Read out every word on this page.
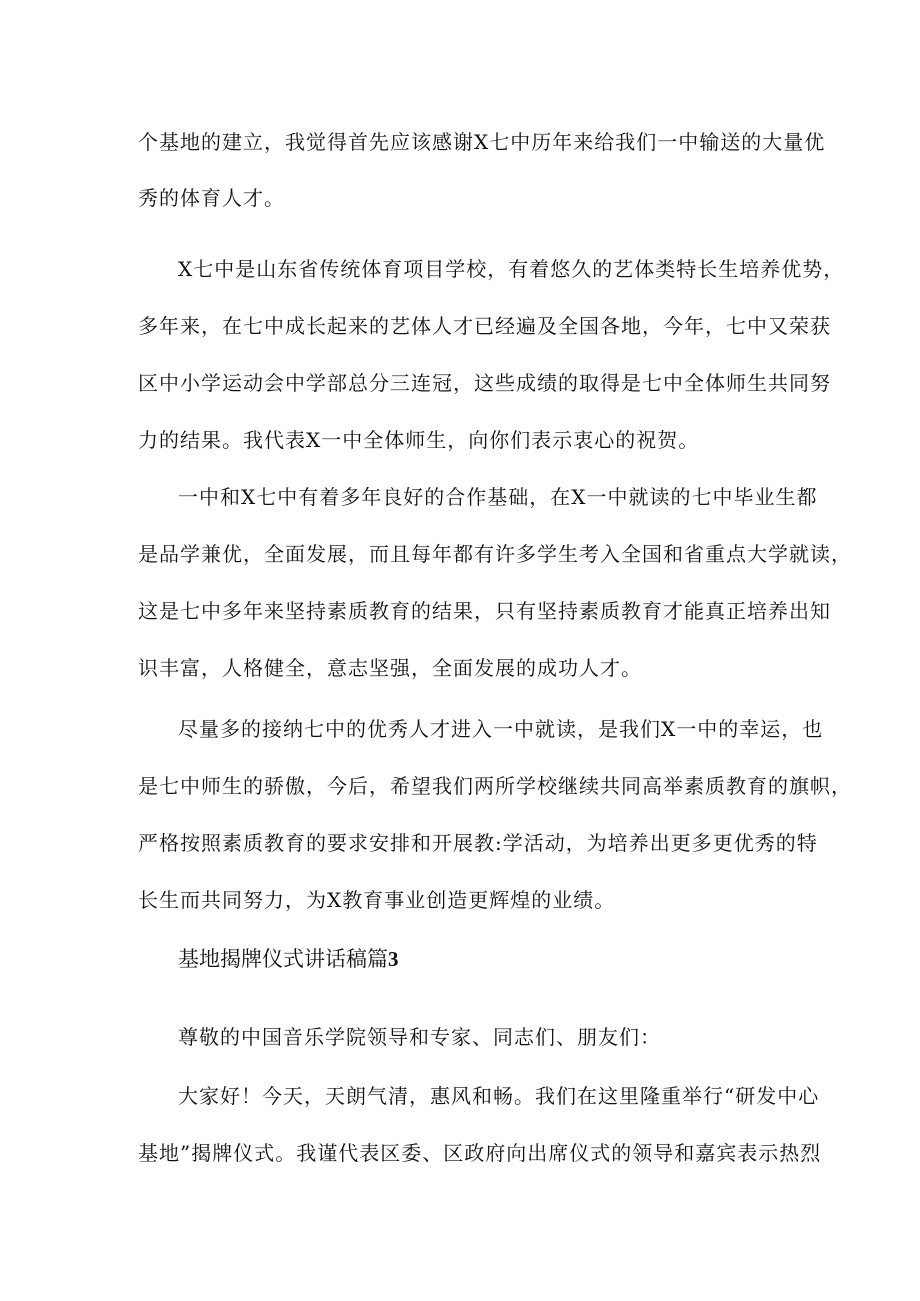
个基地的建立，我觉得首先应该感谢X七中历年来给我们一中输送的大量优
秀的体育人才。
X七中是山东省传统体育项目学校，有着悠久的艺体类特长生培养优势，
多年来，在七中成长起来的艺体人才已经遍及全国各地，今年，七中又荣获
区中小学运动会中学部总分三连冠，这些成绩的取得是七中全体师生共同努
力的结果。我代表X一中全体师生，向你们表示衷心的祝贺。
一中和X七中有着多年良好的合作基础，在X一中就读的七中毕业生都
是品学兼优，全面发展，而且每年都有许多学生考入全国和省重点大学就读，
这是七中多年来坚持素质教育的结果，只有坚持素质教育才能真正培养出知
识丰富，人格健全，意志坚强，全面发展的成功人才。
尽量多的接纳七中的优秀人才进入一中就读，是我们X一中的幸运，也
是七中师生的骄傲，今后，希望我们两所学校继续共同高举素质教育的旗帜，
严格按照素质教育的要求安排和开展教:学活动，为培养出更多更优秀的特
长生而共同努力，为X教育事业创造更辉煌的业绩。
基地揭牌仪式讲话稿篇3
尊敬的中国音乐学院领导和专家、同志们、朋友们：
大家好！今天，天朗气清，惠风和畅。我们在这里隆重举行“研发中心
基地”揭牌仪式。我谨代表区委、区政府向出席仪式的领导和嘉宾表示热烈
